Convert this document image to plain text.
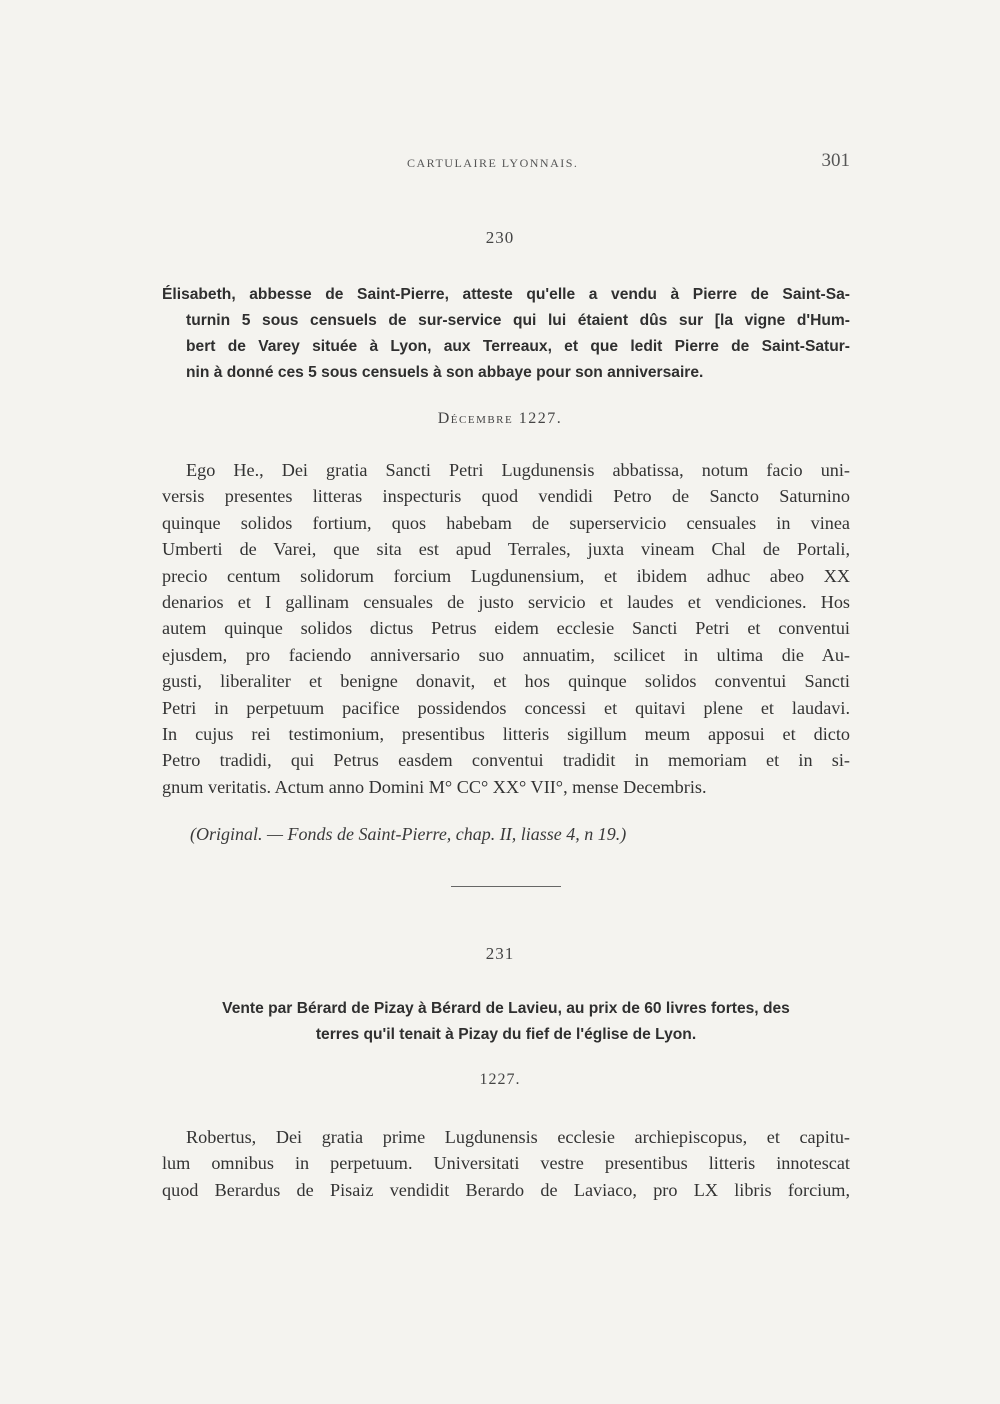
CARTULAIRE LYONNAIS.	301
230
Élisabeth, abbesse de Saint-Pierre, atteste qu'elle a vendu à Pierre de Saint-Sa-
turnin 5 sous censuels de sur-service qui lui étaient dûs sur [la vigne d'Hum-
bert de Varey située à Lyon, aux Terreaux, et que ledit Pierre de Saint-Satur-
nin à donné ces 5 sous censuels à son abbaye pour son anniversaire.
Décembre 1227.
Ego He., Dei gratia Sancti Petri Lugdunensis abbatissa, notum facio uni-
versis presentes litteras inspecturis quod vendidi Petro de Sancto Saturnino
quinque solidos fortium, quos habebam de superservicio censuales in vinea
Umberti de Varei, que sita est apud Terrales, juxta vineam Chal de Portali,
precio centum solidorum forcium Lugdunensium, et ibidem adhuc abeo XX
denarios et I gallinam censuales de justo servicio et laudes et vendiciones. Hos
autem quinque solidos dictus Petrus eidem ecclesie Sancti Petri et conventui
ejusdem, pro faciendo anniversario suo annuatim, scilicet in ultima die Au-
gusti, liberaliter et benigne donavit, et hos quinque solidos conventui Sancti
Petri in perpetuum pacifice possidendos concessi et quitavi plene et laudavi.
In cujus rei testimonium, presentibus litteris sigillum meum apposui et dicto
Petro tradidi, qui Petrus easdem conventui tradidit in memoriam et in si-
gnum veritatis. Actum anno Domini M° CC° XX° VII°, mense Decembris.
(Original. — Fonds de Saint-Pierre, chap. II, liasse 4, n 19.)
231
Vente par Bérard de Pizay à Bérard de Lavieu, au prix de 60 livres fortes, des
terres qu'il tenait à Pizay du fief de l'église de Lyon.
1227.
Robertus, Dei gratia prime Lugdunensis ecclesie archiepiscopus, et capitu-
lum omnibus in perpetuum. Universitati vestre presentibus litteris innotescat
quod Berardus de Pisaiz vendidit Berardo de Laviaco, pro LX libris forcium,
